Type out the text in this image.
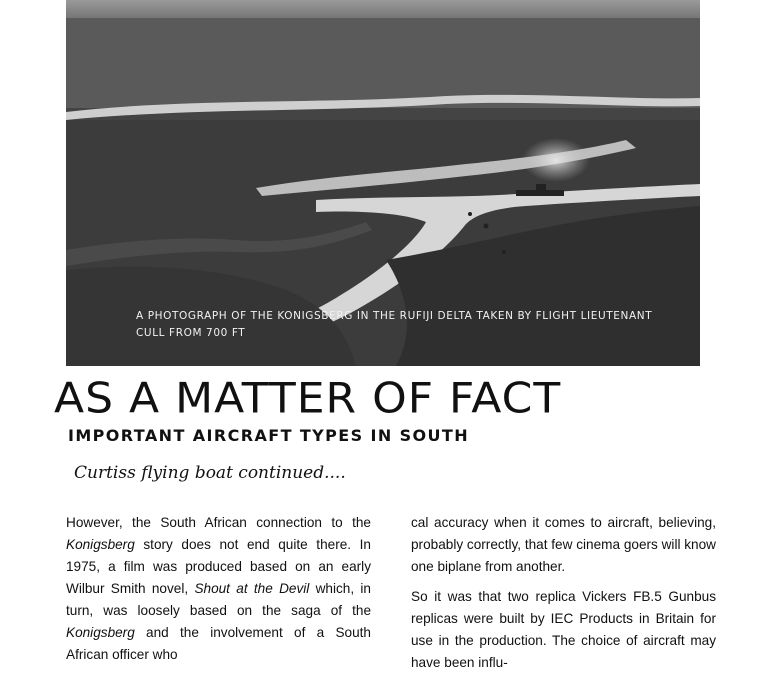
A PHOTOGRAPH OF THE KONIGSBERG IN THE RUFIJI DELTA TAKEN BY FLIGHT LIEUTENANT CULL FROM 700 FT
AS A MATTER OF FACT
IMPORTANT AIRCRAFT TYPES IN SOUTH
Curtiss flying boat continued....

However, the South African connection to the Konigsberg story does not end quite there. In 1975, a film was produced based on an early Wilbur Smith novel, Shout at the Devil which, in turn, was loosely based on the saga of the Konigsberg and the involvement of a South African officer who

cal accuracy when it comes to aircraft, believing, probably correctly, that few cinema goers will know one biplane from another.

So it was that two replica Vickers FB.5 Gunbus replicas were built by IEC Products in Britain for use in the production. The choice of aircraft may have been influ-
